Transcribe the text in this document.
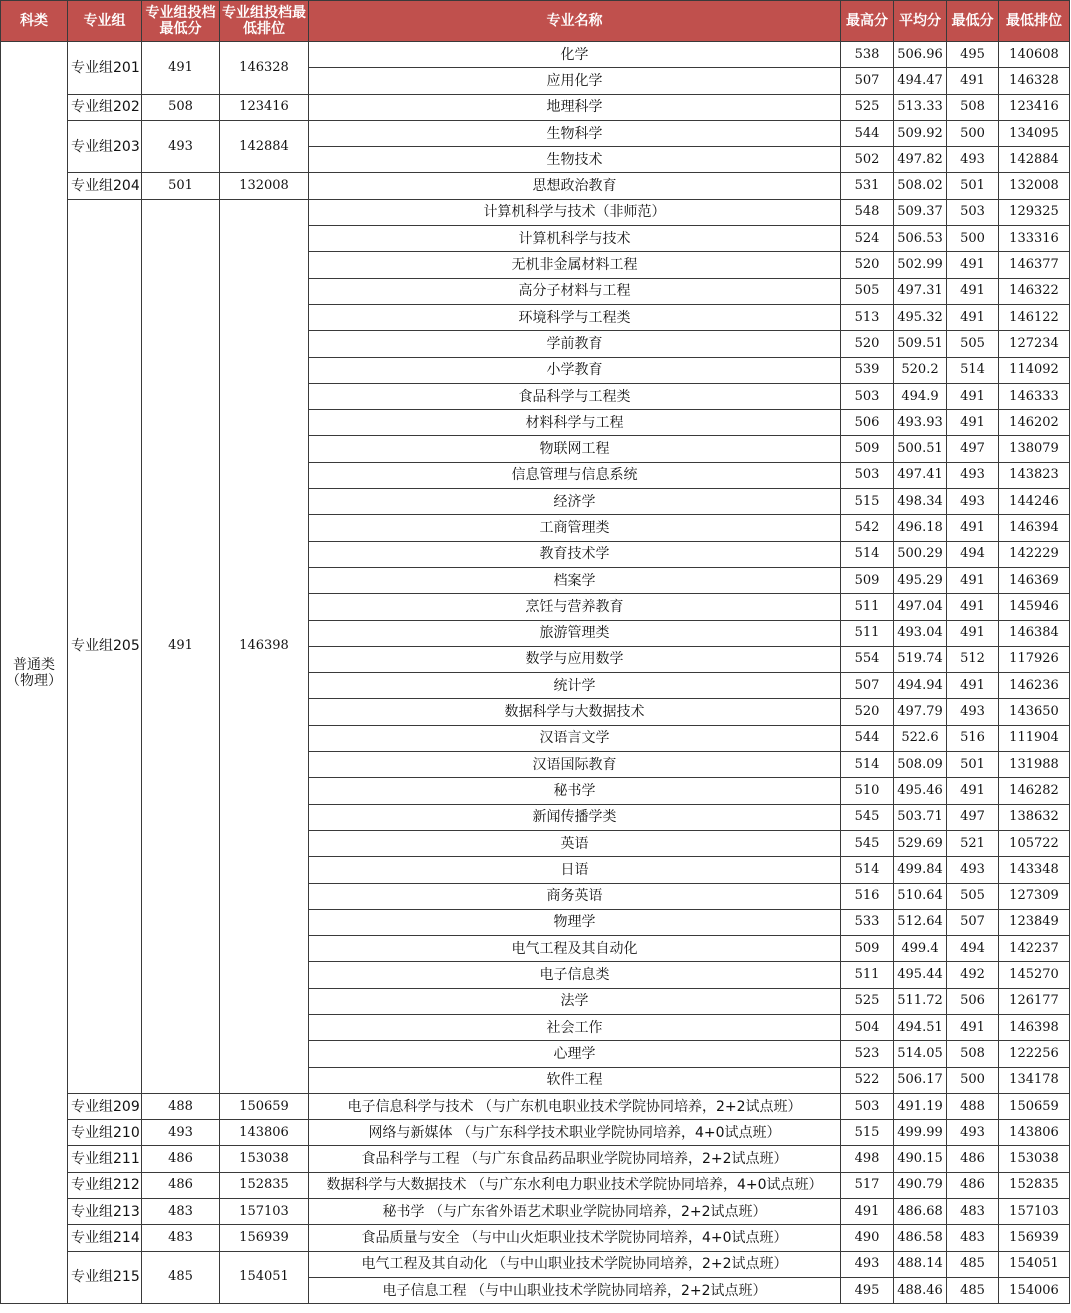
科类	专业组	专业组投档最低分	专业组投档最低排位	专业名称	最高分	平均分	最低分	最低排位
普通类（物理）	专业组201	491	146328	化学	538	506.96	495	140608
				应用化学	507	494.47	491	146328
	专业组202	508	123416	地理科学	525	513.33	508	123416
	专业组203	493	142884	生物科学	544	509.92	500	134095
				生物技术	502	497.82	493	142884
	专业组204	501	132008	思想政治教育	531	508.02	501	132008
	专业组205	491	146398	计算机科学与技术（非师范）	548	509.37	503	129325
				计算机科学与技术	524	506.53	500	133316
				无机非金属材料工程	520	502.99	491	146377
				高分子材料与工程	505	497.31	491	146322
				环境科学与工程类	513	495.32	491	146122
				学前教育	520	509.51	505	127234
				小学教育	539	520.2	514	114092
				食品科学与工程类	503	494.9	491	146333
				材料科学与工程	506	493.93	491	146202
				物联网工程	509	500.51	497	138079
				信息管理与信息系统	503	497.41	493	143823
				经济学	515	498.34	493	144246
				工商管理类	542	496.18	491	146394
				教育技术学	514	500.29	494	142229
				档案学	509	495.29	491	146369
				烹饪与营养教育	511	497.04	491	145946
				旅游管理类	511	493.04	491	146384
				数学与应用数学	554	519.74	512	117926
				统计学	507	494.94	491	146236
				数据科学与大数据技术	520	497.79	493	143650
				汉语言文学	544	522.6	516	111904
				汉语国际教育	514	508.09	501	131988
				秘书学	510	495.46	491	146282
				新闻传播学类	545	503.71	497	138632
				英语	545	529.69	521	105722
				日语	514	499.84	493	143348
				商务英语	516	510.64	505	127309
				物理学	533	512.64	507	123849
				电气工程及其自动化	509	499.4	494	142237
				电子信息类	511	495.44	492	145270
				法学	525	511.72	506	126177
				社会工作	504	494.51	491	146398
				心理学	523	514.05	508	122256
				软件工程	522	506.17	500	134178
	专业组209	488	150659	电子信息科学与技术 （与广东机电职业技术学院协同培养，2+2试点班）	503	491.19	488	150659
	专业组210	493	143806	网络与新媒体 （与广东科学技术职业学院协同培养，4+0试点班）	515	499.99	493	143806
	专业组211	486	153038	食品科学与工程 （与广东食品药品职业学院协同培养，2+2试点班）	498	490.15	486	153038
	专业组212	486	152835	数据科学与大数据技术 （与广东水利电力职业技术学院协同培养，4+0试点班）	517	490.79	486	152835
	专业组213	483	157103	秘书学 （与广东省外语艺术职业学院协同培养，2+2试点班）	491	486.68	483	157103
	专业组214	483	156939	食品质量与安全 （与中山火炬职业技术学院协同培养，4+0试点班）	490	486.58	483	156939
	专业组215	485	154051	电气工程及其自动化 （与中山职业技术学院协同培养，2+2试点班）	493	488.14	485	154051
				电子信息工程 （与中山职业技术学院协同培养，2+2试点班）	495	488.46	485	154006
